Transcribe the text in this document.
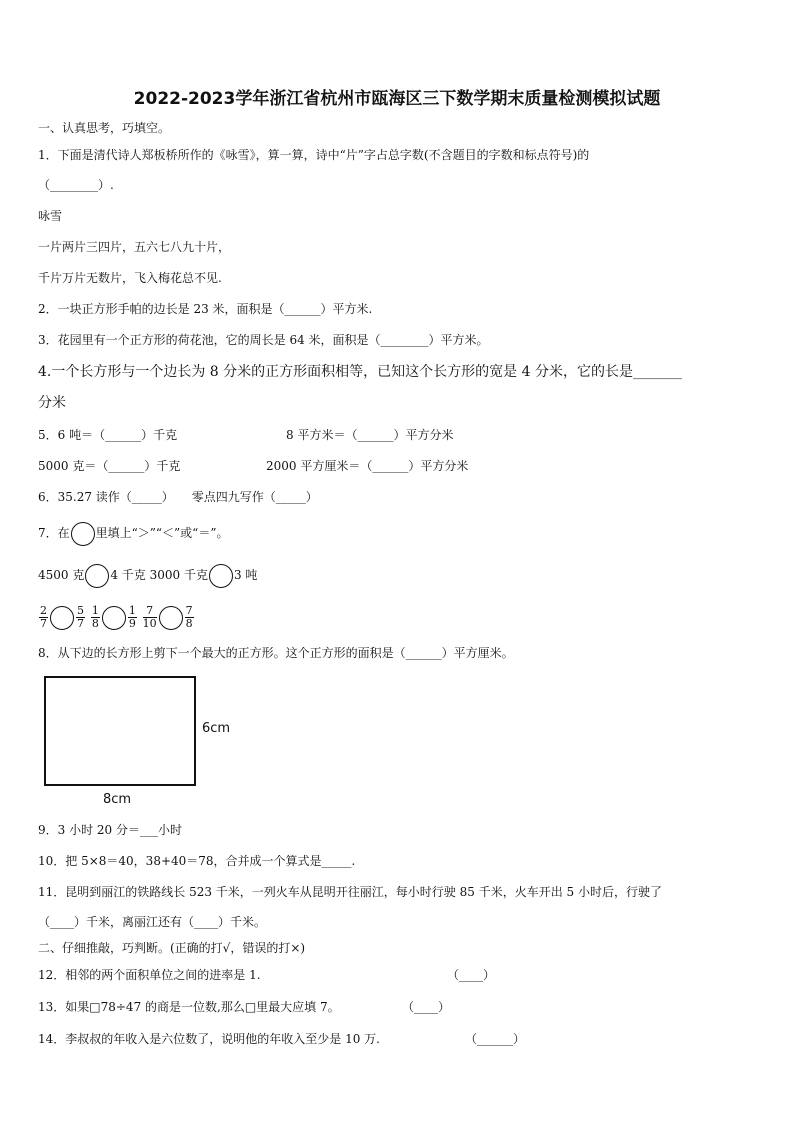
2022-2023学年浙江省杭州市瓯海区三下数学期末质量检测模拟试题
一、认真思考，巧填空。
1．下面是清代诗人郑板桥所作的《咏雪》，算一算，诗中“片”字占总字数(不含题目的字数和标点符号)的
（________）.
咏雪
一片两片三四片，五六七八九十片，
千片万片无数片，飞入梅花总不见.
2．一块正方形手帕的边长是 23 米，面积是（______）平方米.
3．花园里有一个正方形的荷花池，它的周长是 64 米，面积是（________）平方米。
4.一个长方形与一个边长为 8 分米的正方形面积相等，已知这个长方形的宽是 4 分米，它的长是_______
分米
5．6 吨＝（______）千克	8 平方米＝（______）平方分米
5000 克＝（______）千克	2000 平方厘米＝（______）平方分米
6．35.27 读作（_____）　　零点四九写作（_____）
7．在 里填上“＞”“＜”或“＝”。
4500 克 4 千克 3000 千克 3 吨
$\frac{2}{7}$	$\frac{5}{7}$
$\frac{1}{8}$	$\frac{1}{9}$
$\frac{7}{10}$	$\frac{7}{8}$
8．从下边的长方形上剪下一个最大的正方形。这个正方形的面积是（______）平方厘米。
6cm
8cm
9．3 小时 20 分＝___小时
10．把 5×8＝40，38+40＝78，合并成一个算式是_____.
11．昆明到丽江的铁路线长 523 千米，一列火车从昆明开往丽江，每小时行驶 85 千米，火车开出 5 小时后，行驶了
（____）千米，离丽江还有（____）千米。
二、仔细推敲，巧判断。(正确的打√，错误的打×)
12．相邻的两个面积单位之间的进率是 1.	（____）
13．如果□78÷47 的商是一位数,那么□里最大应填 7。	（____）
14．李叔叔的年收入是六位数了，说明他的年收入至少是 10 万.	（______）
